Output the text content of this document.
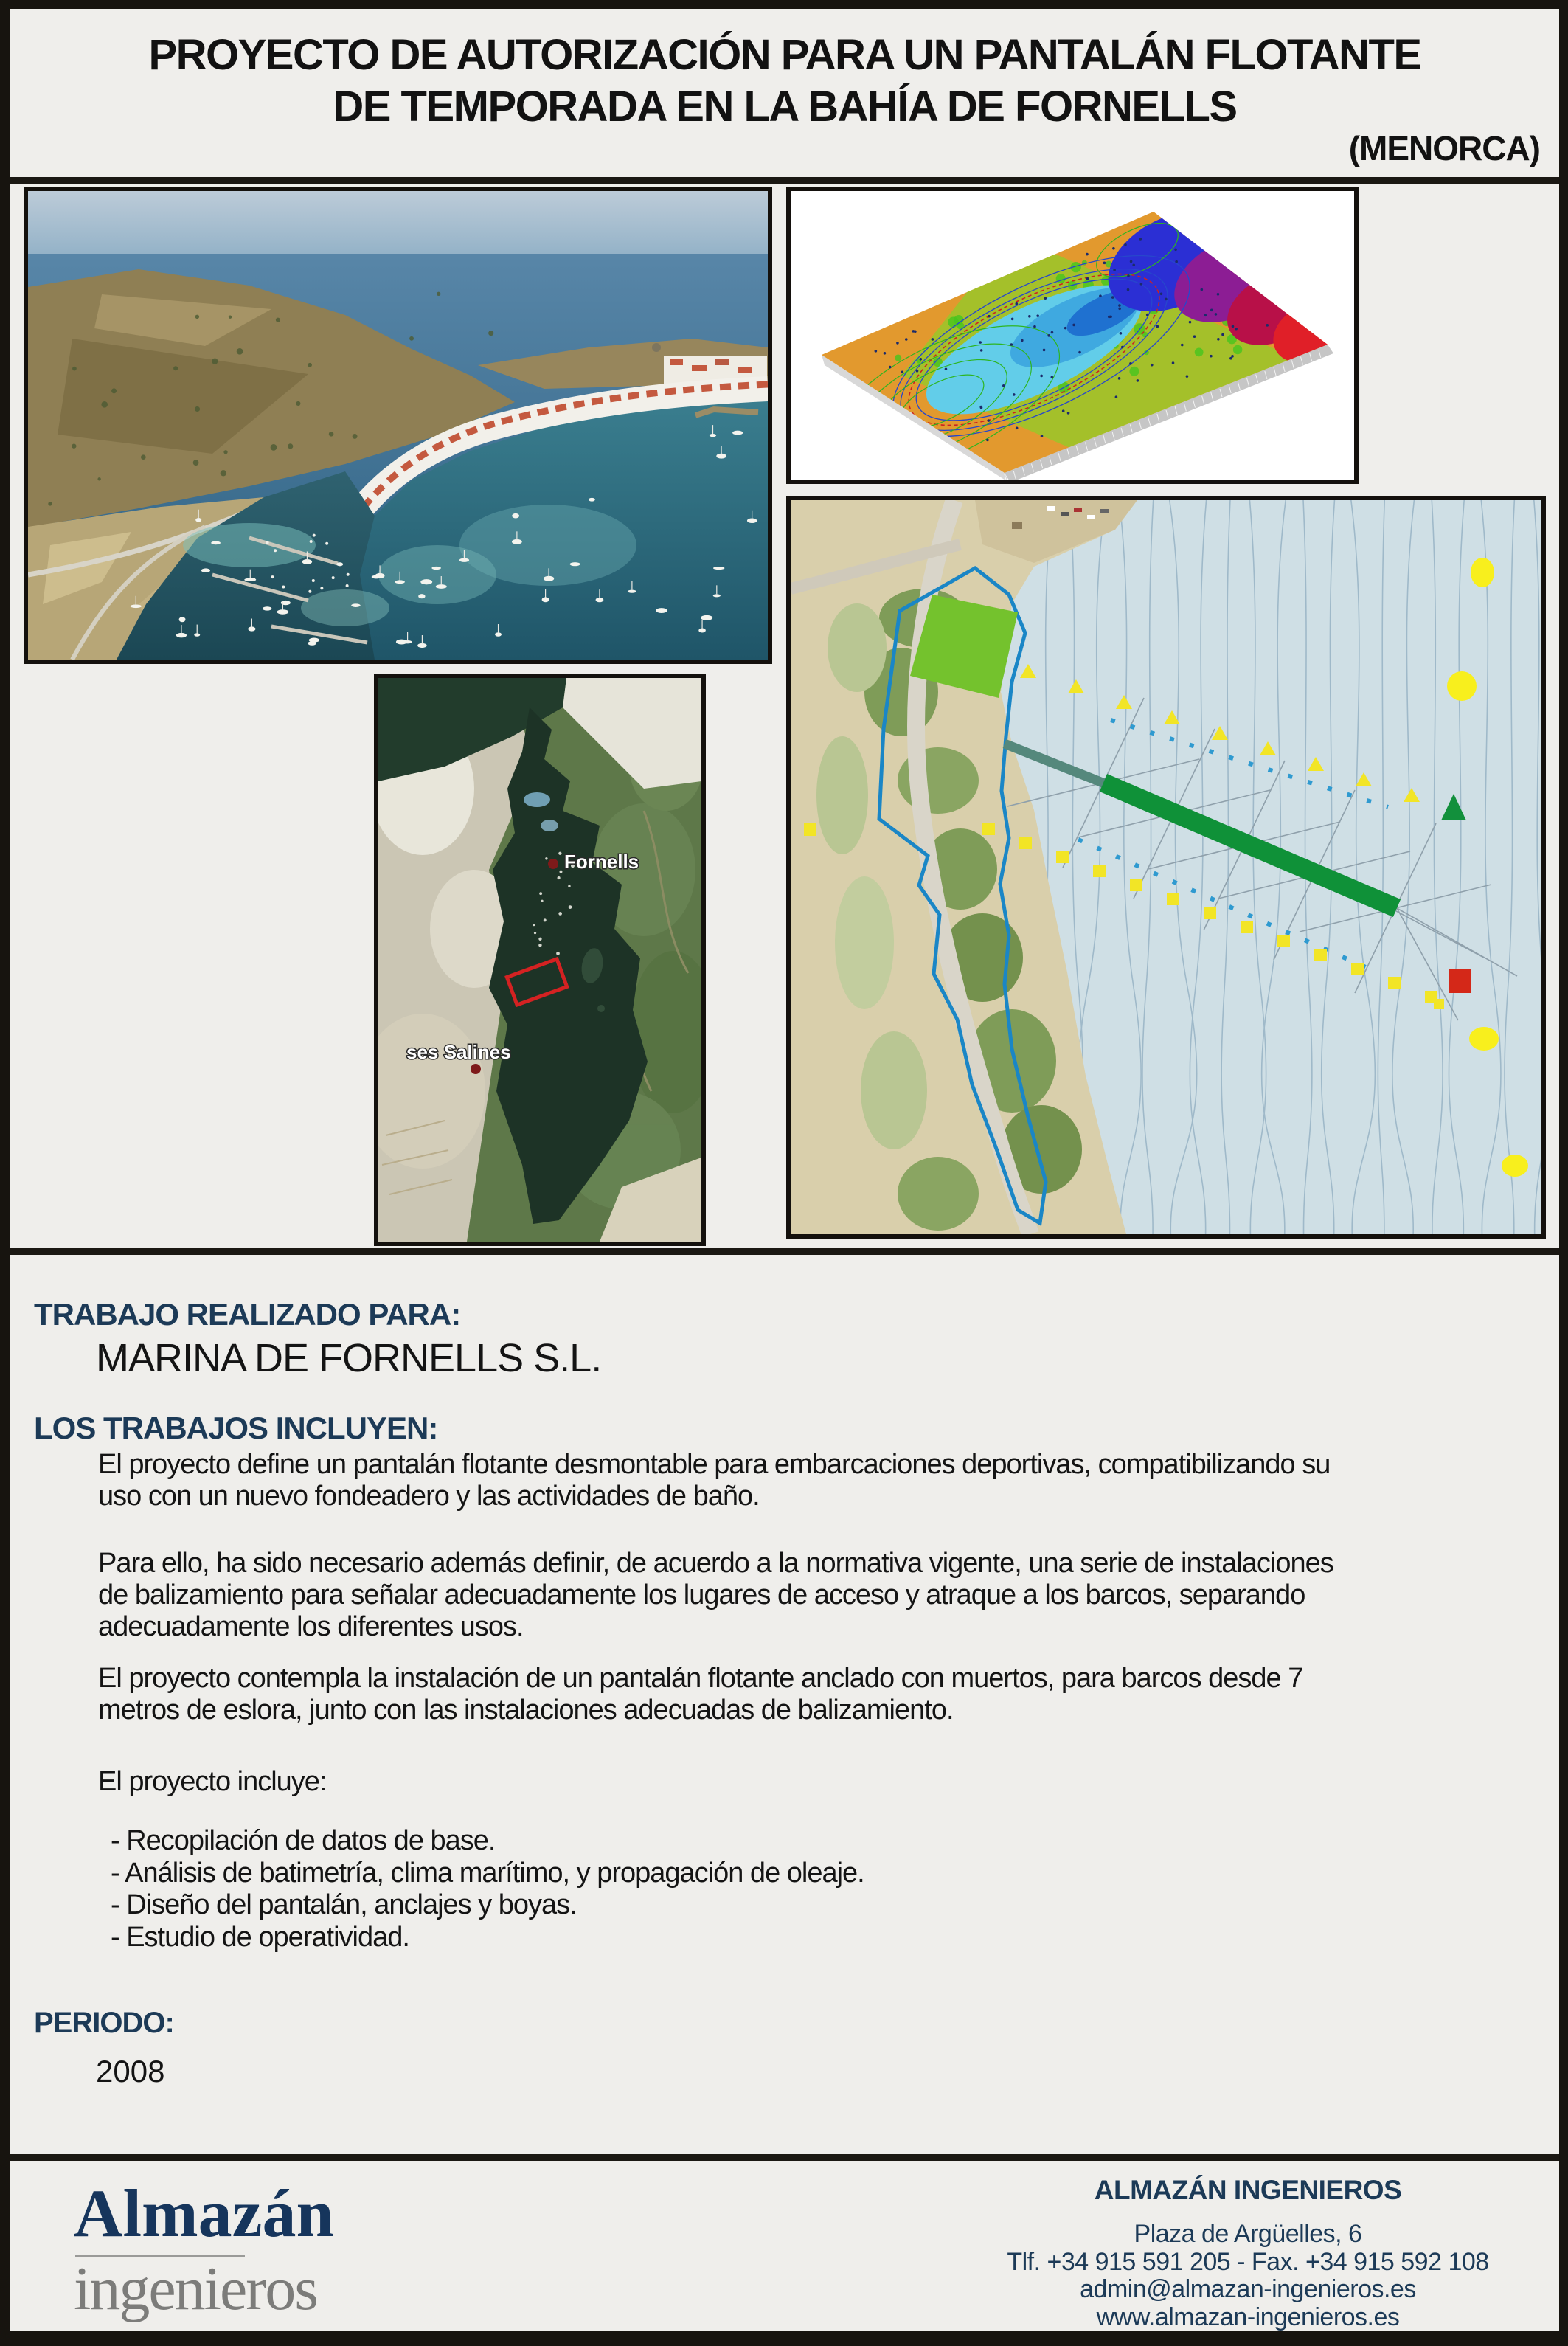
PROYECTO DE AUTORIZACIÓN PARA UN PANTALÁN FLOTANTE
DE TEMPORADA EN LA BAHÍA DE FORNELLS
(MENORCA)
Fornells
ses Salines
TRABAJO REALIZADO PARA:
MARINA DE FORNELLS S.L.
LOS TRABAJOS INCLUYEN:
El proyecto define un pantalán flotante desmontable para embarcaciones deportivas, compatibilizando su
uso con un nuevo fondeadero y las actividades de baño.
Para ello, ha sido necesario además definir, de acuerdo a la normativa vigente, una serie de instalaciones
de balizamiento para señalar adecuadamente los lugares de acceso y atraque a los barcos, separando
adecuadamente los diferentes usos.
El proyecto contempla la instalación de un pantalán flotante anclado con muertos, para barcos desde 7
metros de eslora, junto con las instalaciones adecuadas de balizamiento.
El proyecto incluye:
- Recopilación de datos de base.
- Análisis de batimetría, clima marítimo, y propagación de oleaje.
- Diseño del pantalán, anclajes y boyas.
- Estudio de operatividad.
PERIODO:
2008
Almazán
ingenieros
ALMAZÁN INGENIEROS
Plaza de Argüelles, 6
Tlf. +34 915 591 205 - Fax. +34 915 592 108
admin@almazan-ingenieros.es
www.almazan-ingenieros.es
